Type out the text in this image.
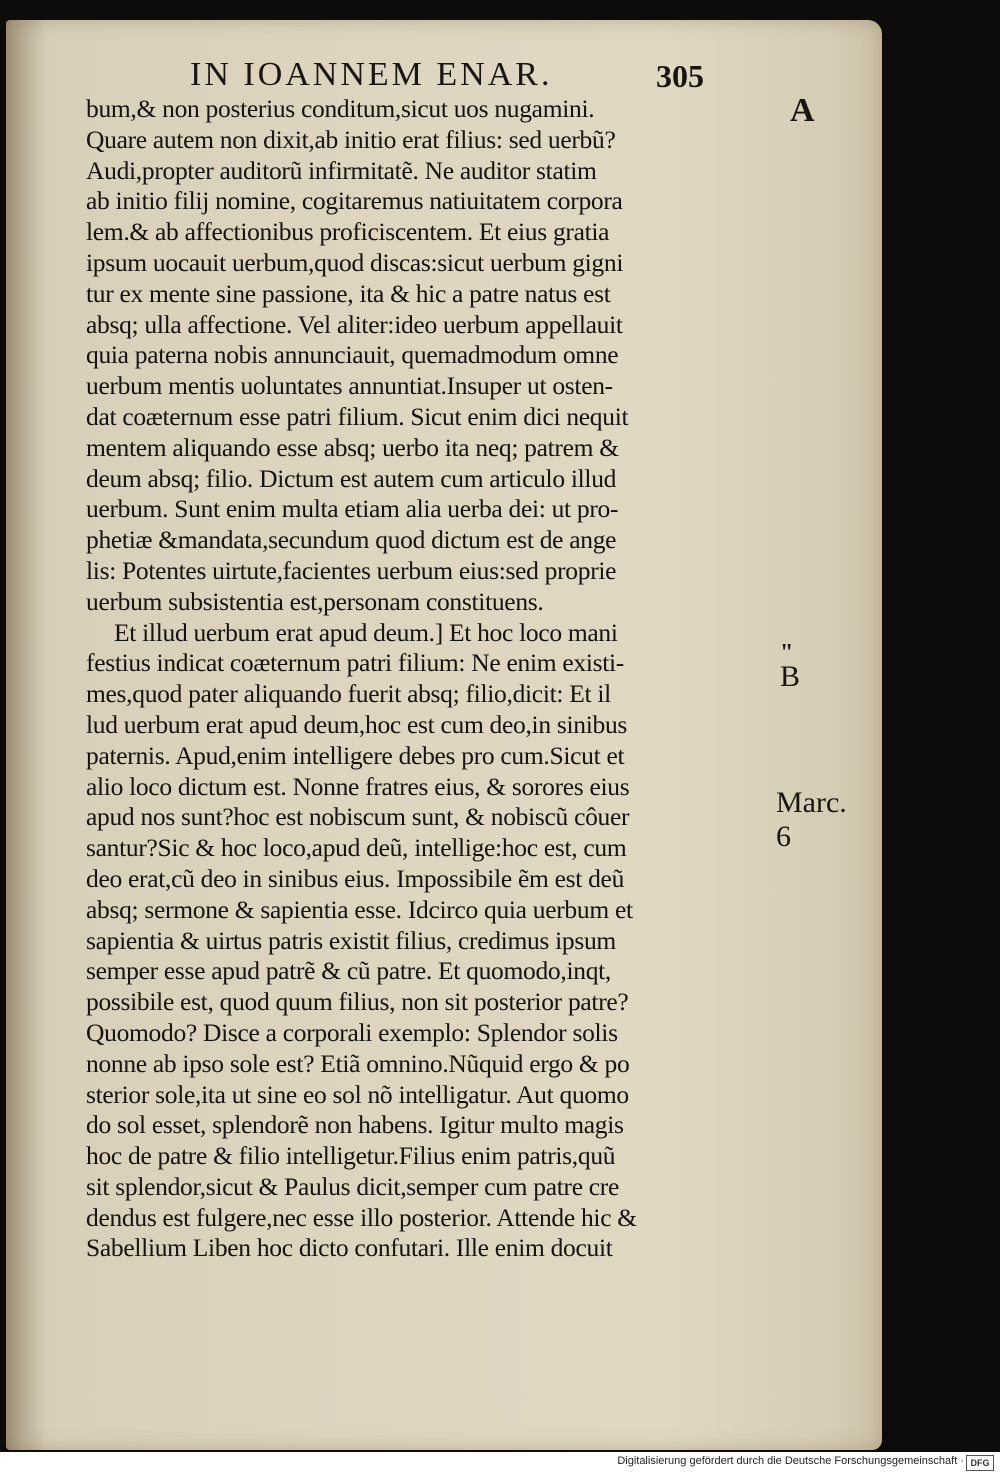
IN IOANNEM ENAR.	305
bum,& non posterius conditum,sicut uos nugamini.
Quare autem non dixit,ab initio erat filius: sed uerbũ?
Audi,propter auditorũ infirmitatẽ. Ne auditor statim
ab initio filij nomine, cogitaremus natiuitatem corpora
lem.& ab affectionibus proficiscentem. Et eius gratia
ipsum uocauit uerbum,quod discas:sicut uerbum gigni
tur ex mente sine passione, ita & hic a patre natus est
absq; ulla affectione. Vel aliter:ideo uerbum appellauit
quia paterna nobis annunciauit, quemadmodum omne
uerbum mentis uoluntates annuntiat.Insuper ut osten-
dat coæternum esse patri filium. Sicut enim dici nequit
mentem aliquando esse absq; uerbo ita neq; patrem &
deum absq; filio. Dictum est autem cum articulo illud
uerbum. Sunt enim multa etiam alia uerba dei: ut pro-
phetiæ &mandata,secundum quod dictum est de ange
lis: Potentes uirtute,facientes uerbum eius:sed proprie
uerbum subsistentia est,personam constituens.
Et illud uerbum erat apud deum.] Et hoc loco mani
festius indicat coæternum patri filium: Ne enim existi-
mes,quod pater aliquando fuerit absq; filio,dicit: Et il
lud uerbum erat apud deum,hoc est cum deo,in sinibus
paternis. Apud,enim intelligere debes pro cum.Sicut et
alio loco dictum est. Nonne fratres eius, & sorores eius
apud nos sunt?hoc est nobiscum sunt, & nobiscũ côuer
santur?Sic & hoc loco,apud deũ, intellige:hoc est, cum
deo erat,cũ deo in sinibus eius. Impossibile ẽm est deũ
absq; sermone & sapientia esse. Idcirco quia uerbum et
sapientia & uirtus patris existit filius, credimus ipsum
semper esse apud patrẽ & cũ patre. Et quomodo,inqt,
possibile est, quod quum filius, non sit posterior patre?
Quomodo? Disce a corporali exemplo: Splendor solis
nonne ab ipso sole est? Etiã omnino.Nũquid ergo & po
sterior sole,ita ut sine eo sol nõ intelligatur. Aut quomo
do sol esset, splendorẽ non habens. Igitur multo magis
hoc de patre & filio intelligetur.Filius enim patris,quũ
sit splendor,sicut & Paulus dicit,semper cum patre cre
dendus est fulgere,nec esse illo posterior. Attende hic &
Sabellium Liben hoc dicto confutari. Ille enim docuit
A
"
B
Marc.
6
Digitalisierung gefördert durch die Deutsche Forschungsgemeinschaft · DFG
